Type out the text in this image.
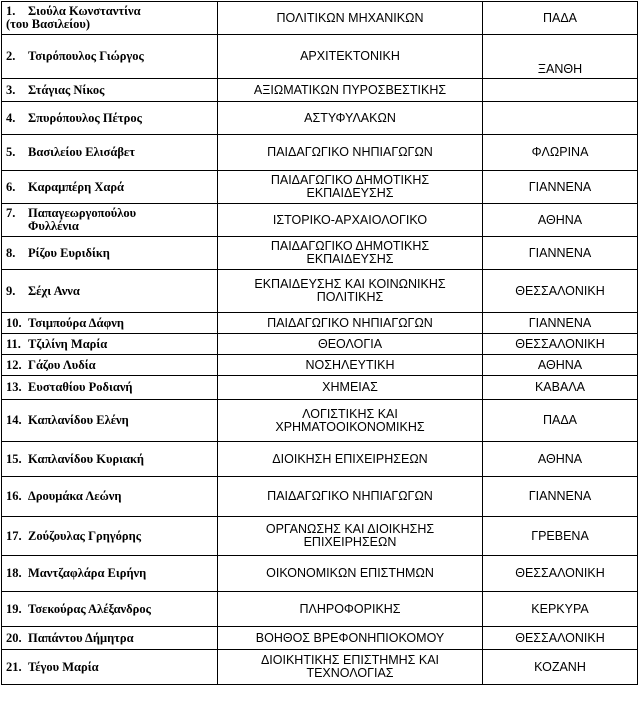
1. Σιούλα Κωνσταντίνα
(του Βασιλείου)	ΠΟΛΙΤΙΚΩΝ ΜΗΧΑΝΙΚΩΝ	ΠΑΔΑ
2. Τσιρόπουλος Γιώργος	ΑΡΧΙΤΕΚΤΟΝΙΚΗ	ΞΑΝΘΗ
3. Στάγιας Νίκος	ΑΞΙΩΜΑΤΙΚΩΝ ΠΥΡΟΣΒΕΣΤΙΚΗΣ	
4. Σπυρόπουλος Πέτρος	ΑΣΤΥΦΥΛΑΚΩΝ	
5. Βασιλείου Ελισάβετ	ΠΑΙΔΑΓΩΓΙΚΟ ΝΗΠΙΑΓΩΓΩΝ	ΦΛΩΡΙΝΑ
6. Καραμπέρη Χαρά	ΠΑΙΔΑΓΩΓΙΚΟ ΔΗΜΟΤΙΚΗΣ
ΕΚΠΑΙΔΕΥΣΗΣ	ΓΙΑΝΝΕΝΑ
7. Παπαγεωργοπούλου
Φυλλένια	ΙΣΤΟΡΙΚΟ-ΑΡΧΑΙΟΛΟΓΙΚΟ	ΑΘΗΝΑ
8. Ρίζου Ευριδίκη	ΠΑΙΔΑΓΩΓΙΚΟ ΔΗΜΟΤΙΚΗΣ
ΕΚΠΑΙΔΕΥΣΗΣ	ΓΙΑΝΝΕΝΑ
9. Σέχι Αννα	ΕΚΠΑΙΔΕΥΣΗΣ ΚΑΙ ΚΟΙΝΩΝΙΚΗΣ
ΠΟΛΙΤΙΚΗΣ	ΘΕΣΣΑΛΟΝΙΚΗ
10. Τσιμπούρα Δάφνη	ΠΑΙΔΑΓΩΓΙΚΟ ΝΗΠΙΑΓΩΓΩΝ	ΓΙΑΝΝΕΝΑ
11. Τζιλίνη Μαρία	ΘΕΟΛΟΓΙΑ	ΘΕΣΣΑΛΟΝΙΚΗ
12. Γάζου Λυδία	ΝΟΣΗΛΕΥΤΙΚΗ	ΑΘΗΝΑ
13. Ευσταθίου Ροδιανή	ΧΗΜΕΙΑΣ	ΚΑΒΑΛΑ
14. Καπλανίδου Ελένη	ΛΟΓΙΣΤΙΚΗΣ ΚΑΙ
ΧΡΗΜΑΤΟΟΙΚΟΝΟΜΙΚΗΣ	ΠΑΔΑ
15. Καπλανίδου Κυριακή	ΔΙΟΙΚΗΣΗ ΕΠΙΧΕΙΡΗΣΕΩΝ	ΑΘΗΝΑ
16. Δρουμάκα Λεώνη	ΠΑΙΔΑΓΩΓΙΚΟ ΝΗΠΙΑΓΩΓΩΝ	ΓΙΑΝΝΕΝΑ
17. Ζούζουλας Γρηγόρης	ΟΡΓΑΝΩΣΗΣ ΚΑΙ ΔΙΟΙΚΗΣΗΣ
ΕΠΙΧΕΙΡΗΣΕΩΝ	ΓΡΕΒΕΝΑ
18. Μαντζαφλάρα Ειρήνη	ΟΙΚΟΝΟΜΙΚΩΝ ΕΠΙΣΤΗΜΩΝ	ΘΕΣΣΑΛΟΝΙΚΗ
19. Τσεκούρας Αλέξανδρος	ΠΛΗΡΟΦΟΡΙΚΗΣ	ΚΕΡΚΥΡΑ
20. Παπάντου Δήμητρα	ΒΟΗΘΟΣ ΒΡΕΦΟΝΗΠΙΟΚΟΜΟΥ	ΘΕΣΣΑΛΟΝΙΚΗ
21. Τέγου Μαρία	ΔΙΟΙΚΗΤΙΚΗΣ ΕΠΙΣΤΗΜΗΣ ΚΑΙ
ΤΕΧΝΟΛΟΓΙΑΣ	ΚΟΖΑΝΗ
